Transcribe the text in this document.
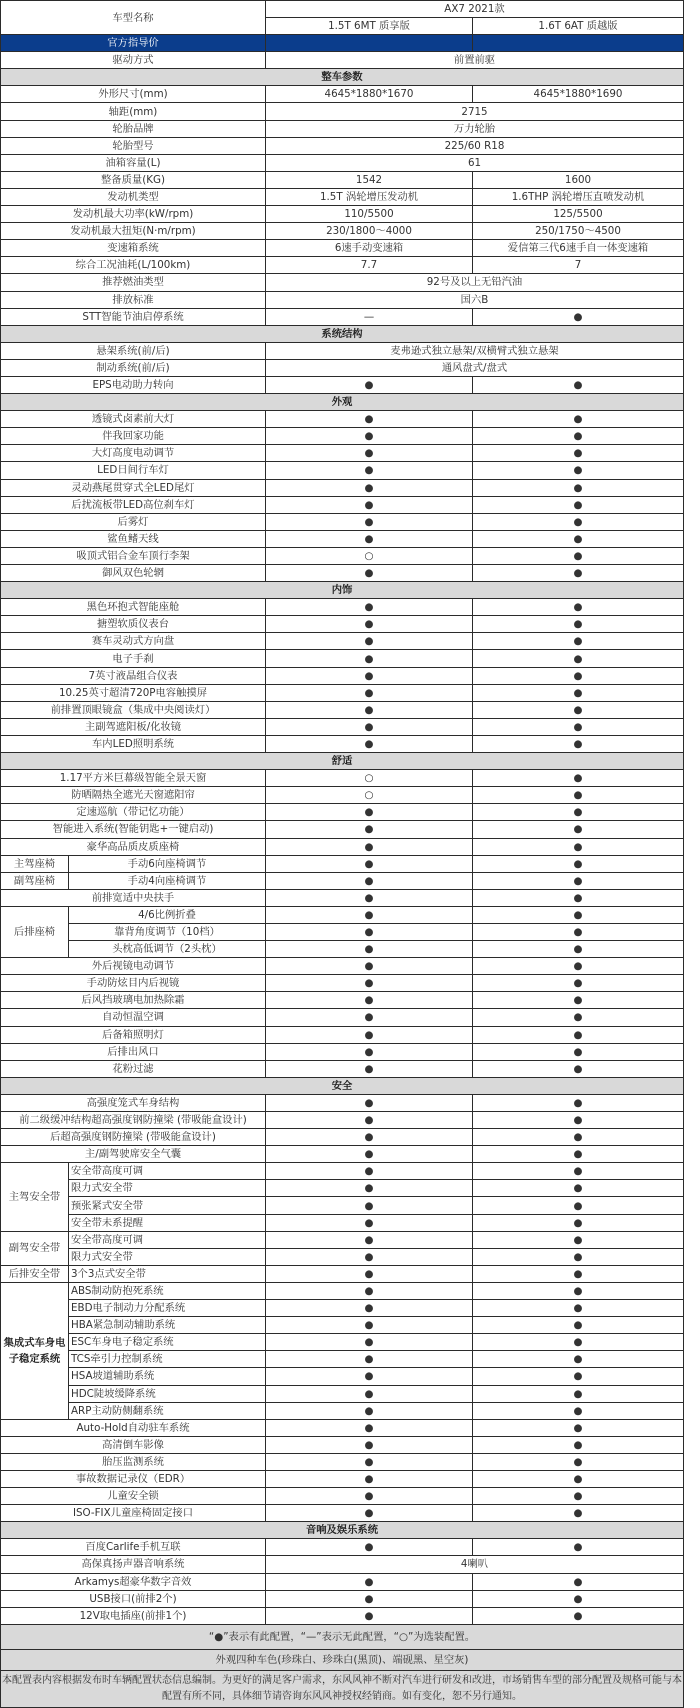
车型名称		AX7 2021款	
		1.5T 6MT 质享版	1.6T 6AT 质越版
官方指导价			
驱动方式		前置前驱	
整车参数			
外形尺寸(mm)		4645*1880*1670	4645*1880*1690
轴距(mm)		2715	
轮胎品牌		万力轮胎	
轮胎型号		225/60 R18	
油箱容量(L)		61	
整备质量(KG)		1542	1600
发动机类型		1.5T 涡轮增压发动机	1.6THP 涡轮增压直喷发动机
发动机最大功率(kW/rpm)		110/5500	125/5500
发动机最大扭矩(N·m/rpm)		230/1800～4000	250/1750～4500
变速箱系统		6速手动变速箱	爱信第三代6速手自一体变速箱
综合工况油耗(L/100km)		7.7	7
推荐燃油类型		92号及以上无铅汽油	
排放标准		国六B	
STT智能节油启停系统		—	●
系统结构			
悬架系统(前/后)		麦弗逊式独立悬架/双横臂式独立悬架	
制动系统(前/后)		通风盘式/盘式	
EPS电动助力转向		●	●
外观			
透镜式卤素前大灯		●	●
伴我回家功能		●	●
大灯高度电动调节		●	●
LED日间行车灯		●	●
灵动燕尾贯穿式全LED尾灯		●	●
后扰流板带LED高位刹车灯		●	●
后雾灯		●	●
鲨鱼鳍天线		●	●
吸顶式铝合金车顶行李架		○	●
御风双色轮辋		●	●
内饰			
黑色环抱式智能座舱		●	●
搪塑软质仪表台		●	●
赛车灵动式方向盘		●	●
电子手刹		●	●
7英寸液晶组合仪表		●	●
10.25英寸超清720P电容触摸屏		●	●
前排置顶眼镜盒（集成中央阅读灯）		●	●
主副驾遮阳板/化妆镜		●	●
车内LED照明系统		●	●
舒适			
1.17平方米巨幕级智能全景天窗		○	●
防晒隔热全遮光天窗遮阳帘		○	●
定速巡航（带记忆功能）		●	●
智能进入系统(智能钥匙+一键启动)		●	●
豪华高品质皮质座椅		●	●
主驾座椅	手动6向座椅调节	●	●
副驾座椅	手动4向座椅调节	●	●
前排宽适中央扶手		●	●
后排座椅	4/6比例折叠	●	●
	靠背角度调节（10档）	●	●
	头枕高低调节（2头枕）	●	●
外后视镜电动调节		●	●
手动防炫目内后视镜		●	●
后风挡玻璃电加热除霜		●	●
自动恒温空调		●	●
后备箱照明灯		●	●
后排出风口		●	●
花粉过滤		●	●
安全			
高强度笼式车身结构		●	●
前二级缓冲结构超高强度钢防撞梁 (带吸能盒设计)		●	●
后超高强度钢防撞梁 (带吸能盒设计)		●	●
主/副驾驶席安全气囊		●	●
主驾安全带	安全带高度可调	●	●
	限力式安全带	●	●
	预张紧式安全带	●	●
	安全带未系提醒	●	●
副驾安全带	安全带高度可调	●	●
	限力式安全带	●	●
后排安全带	3个3点式安全带	●	●
集成式车身电子稳定系统	ABS制动防抱死系统	●	●
	EBD电子制动力分配系统	●	●
	HBA紧急制动辅助系统	●	●
	ESC车身电子稳定系统	●	●
	TCS牵引力控制系统	●	●
	HSA坡道辅助系统	●	●
	HDC陡坡缓降系统	●	●
	ARP主动防侧翻系统	●	●
Auto-Hold自动驻车系统		●	●
高清倒车影像		●	●
胎压监测系统		●	●
事故数据记录仪（EDR）		●	●
儿童安全锁		●	●
ISO-FIX儿童座椅固定接口		●	●
音响及娱乐系统			
百度Carlife手机互联		●	●
高保真扬声器音响系统		4喇叭	
Arkamys超豪华数字音效		●	●
USB接口(前排2个)		●	●
12V取电插座(前排1个)		●	●
“●”表示有此配置，“—”表示无此配置，“○”为选装配置。			
外观四种车色(珍珠白、珍珠白(黑顶)、端砚黑、星空灰)			
本配置表内容根据发布时车辆配置状态信息编制。为更好的满足客户需求，东风风神不断对汽车进行研发和改进，市场销售车型的部分配置及规格可能与本配置有所不同，具体细节请咨询东风风神授权经销商。如有变化，恕不另行通知。			
